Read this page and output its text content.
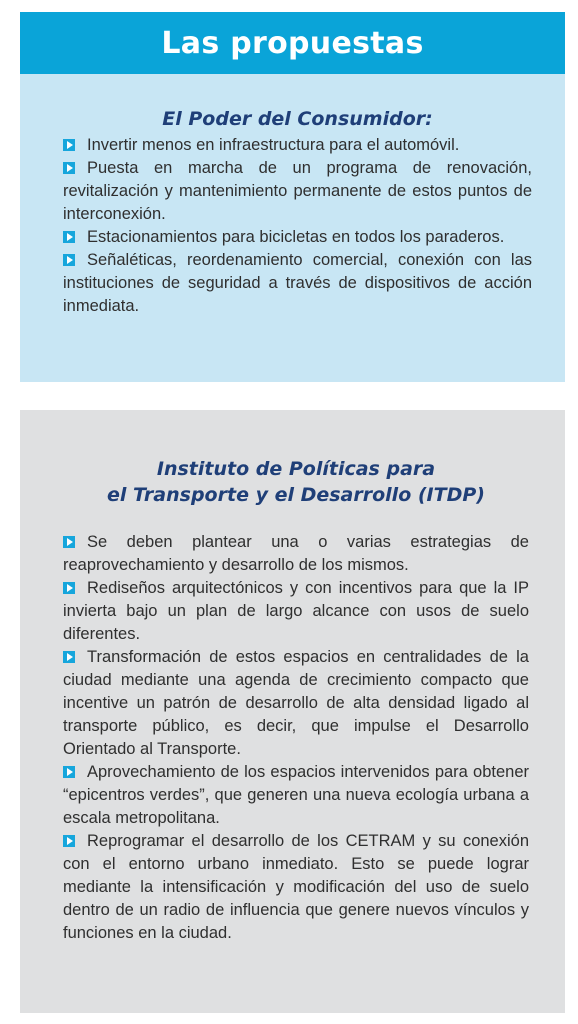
Las propuestas
El Poder del Consumidor:
Invertir menos en infraestructura para el automóvil.
Puesta en marcha de un programa de renovación, revitalización y mantenimiento permanente de estos puntos de interconexión.
Estacionamientos para bicicletas en todos los paraderos.
Señaléticas, reordenamiento comercial, conexión con las instituciones de seguridad a través de dispositivos de acción inmediata.
Instituto de Políticas para
el Transporte y el Desarrollo (ITDP)
Se deben plantear una o varias estrategias de reaprovechamiento y desarrollo de los mismos.
Rediseños arquitectónicos y con incentivos para que la IP invierta bajo un plan de largo alcance con usos de suelo diferentes.
Transformación de estos espacios en centralidades de la ciudad mediante una agenda de crecimiento compacto que incentive un patrón de desarrollo de alta densidad ligado al transporte público, es decir, que impulse el Desarrollo Orientado al Transporte.
Aprovechamiento de los espacios intervenidos para obtener “epicentros verdes”, que generen una nueva ecología urbana a escala metropolitana.
Reprogramar el desarrollo de los CETRAM y su conexión con el entorno urbano inmediato. Esto se puede lograr mediante la intensificación y modificación del uso de suelo dentro de un radio de influencia que genere nuevos vínculos y funciones en la ciudad.
